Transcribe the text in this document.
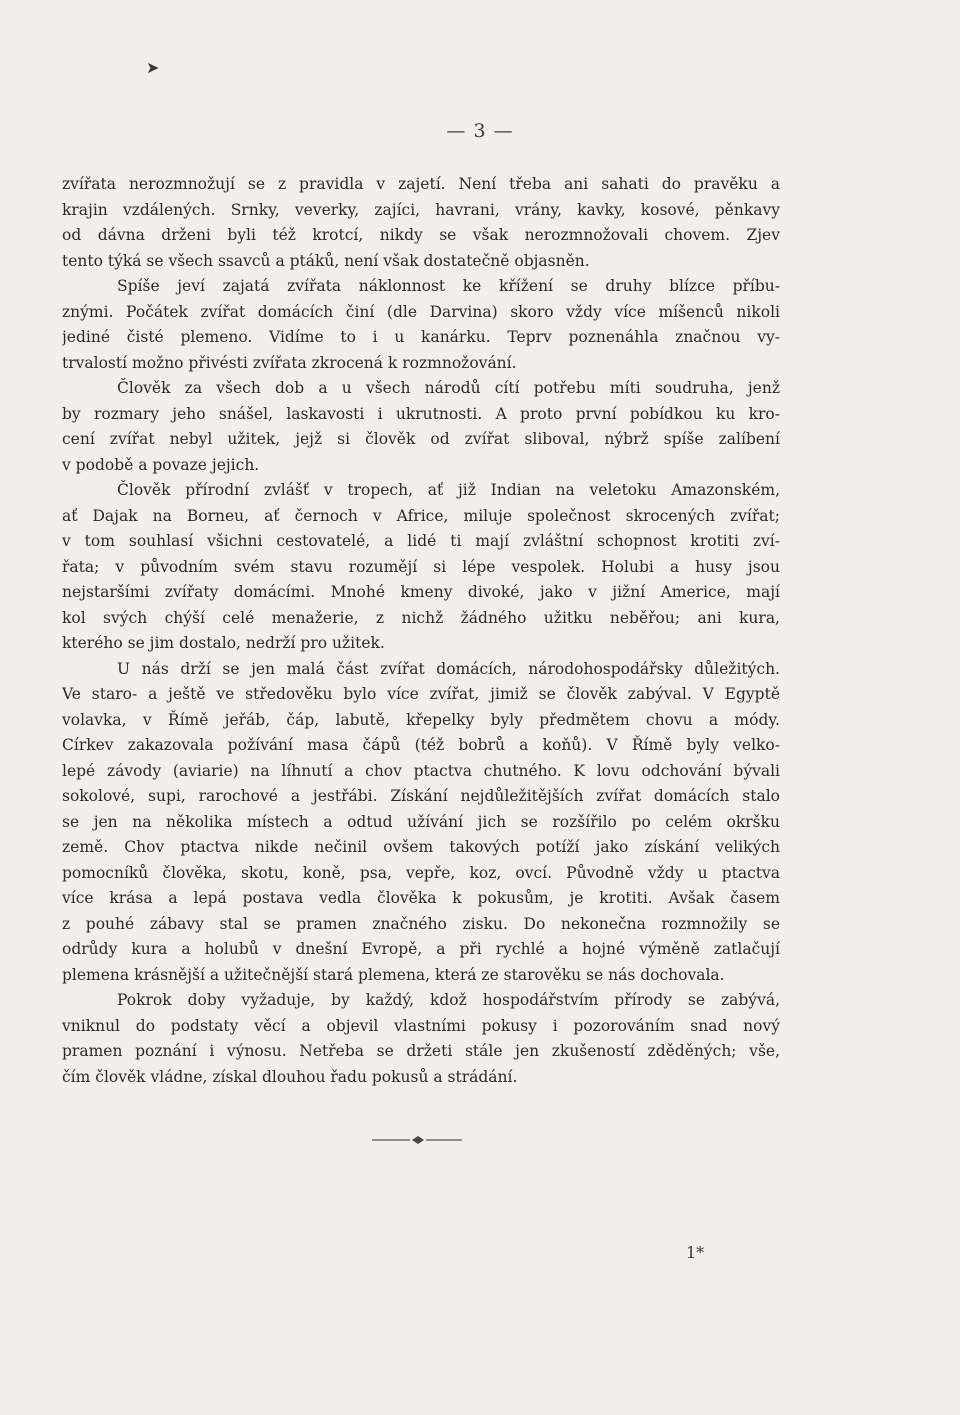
➤
— 3 —
zvířata nerozmnožují se z pravidla v zajetí. Není třeba ani sahati do pravěku a
krajin vzdálených. Srnky, veverky, zajíci, havrani, vrány, kavky, kosové, pěnkavy
od dávna drženi byli též krotcí, nikdy se však nerozmnožovali chovem. Zjev
tento týká se všech ssavců a ptáků, není však dostatečně objasněn.
Spíše jeví zajatá zvířata náklonnost ke křížení se druhy blízce příbu-
znými. Počátek zvířat domácích činí (dle Darvina) skoro vždy více míšenců nikoli
jediné čisté plemeno. Vidíme to i u kanárku. Teprv poznenáhla značnou vy-
trvalostí možno přivésti zvířata zkrocená k rozmnožování.
Člověk za všech dob a u všech národů cítí potřebu míti soudruha, jenž
by rozmary jeho snášel, laskavosti i ukrutnosti. A proto první pobídkou ku kro-
cení zvířat nebyl užitek, jejž si člověk od zvířat sliboval, nýbrž spíše zalíbení
v podobě a povaze jejich.
Člověk přírodní zvlášť v tropech, ať již Indian na veletoku Amazonském,
ať Dajak na Borneu, ať černoch v Africe, miluje společnost skrocených zvířat;
v tom souhlasí všichni cestovatelé, a lidé ti mají zvláštní schopnost krotiti zví-
řata; v původním svém stavu rozumějí si lépe vespolek. Holubi a husy jsou
nejstaršími zvířaty domácími. Mnohé kmeny divoké, jako v jižní Americe, mají
kol svých chýší celé menažerie, z nichž žádného užitku neběřou; ani kura,
kterého se jim dostalo, nedrží pro užitek.
U nás drží se jen malá část zvířat domácích, národohospodářsky důležitých.
Ve staro- a ještě ve středověku bylo více zvířat, jimiž se člověk zabýval. V Egyptě
volavka, v Římě jeřáb, čáp, labutě, křepelky byly předmětem chovu a módy.
Církev zakazovala požívání masa čápů (též bobrů a koňů). V Římě byly velko-
lepé závody (aviarie) na líhnutí a chov ptactva chutného. K lovu odchování bývali
sokolové, supi, rarochové a jestřábi. Získání nejdůležitějších zvířat domácích stalo
se jen na několika místech a odtud užívání jich se rozšířilo po celém okršku
země. Chov ptactva nikde nečinil ovšem takových potíží jako získání velikých
pomocníků člověka, skotu, koně, psa, vepře, koz, ovcí. Původně vždy u ptactva
více krása a lepá postava vedla člověka k pokusům, je krotiti. Avšak časem
z pouhé zábavy stal se pramen značného zisku. Do nekonečna rozmnožily se
odrůdy kura a holubů v dnešní Evropě, a při rychlé a hojné výměně zatlačují
plemena krásnější a užitečnější stará plemena, která ze starověku se nás dochovala.
Pokrok doby vyžaduje, by každý, kdož hospodářstvím přírody se zabývá,
vniknul do podstaty věcí a objevil vlastními pokusy i pozorováním snad nový
pramen poznání i výnosu. Netřeba se držeti stále jen zkušeností zděděných; vše,
čím člověk vládne, získal dlouhou řadu pokusů a strádání.
1*
